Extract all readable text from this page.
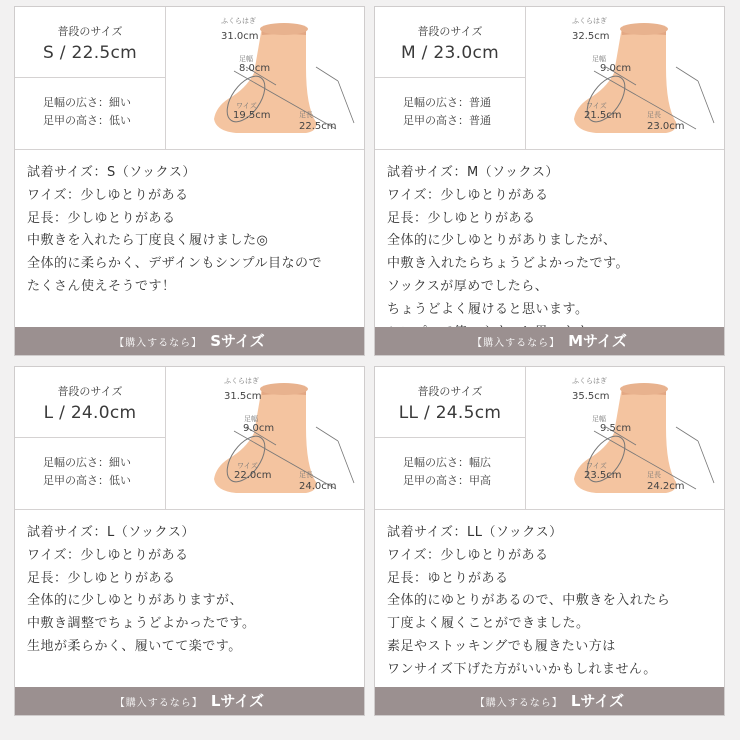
普段のサイズ
S / 22.5cm
足幅の広さ：細い
足甲の高さ：低い
ふくらはぎ
31.0cm
足幅
8.0cm
ワイズ
19.5cm	足長
22.5cm
試着サイズ：S（ソックス）
ワイズ：少しゆとりがある
足長：少しゆとりがある
中敷きを入れたら丁度良く履けました◎
全体的に柔らかく、デザインもシンプル目なので
たくさん使えそうです！
【購入するなら】 Sサイズ
普段のサイズ
M / 23.0cm
足幅の広さ：普通
足甲の高さ：普通
ふくらはぎ
32.5cm
足幅
9.0cm
ワイズ
21.5cm	足長
23.0cm
試着サイズ：M（ソックス）
ワイズ：少しゆとりがある
足長：少しゆとりがある
全体的に少しゆとりがありましたが、
中敷き入れたらちょうどよかったです。
ソックスが厚めでしたら、
ちょうどよく履けると思います。
【購入するなら】 Mサイズ
普段のサイズ
L / 24.0cm
足幅の広さ：細い
足甲の高さ：低い
ふくらはぎ
31.5cm
足幅
9.0cm
ワイズ
22.0cm	足長
24.0cm
試着サイズ：L（ソックス）
ワイズ：少しゆとりがある
足長：少しゆとりがある
全体的に少しゆとりがありますが、
中敷き調整でちょうどよかったです。
生地が柔らかく、履いてて楽です。
【購入するなら】 Lサイズ
普段のサイズ
LL / 24.5cm
足幅の広さ：幅広
足甲の高さ：甲高
ふくらはぎ
35.5cm
足幅
9.5cm
ワイズ
23.5cm	足長
24.2cm
試着サイズ：LL（ソックス）
ワイズ：少しゆとりがある
足長：ゆとりがある
全体的にゆとりがあるので、中敷きを入れたら
丁度よく履くことができました。
素足やストッキングでも履きたい方は
ワンサイズ下げた方がいいかもしれません。
【購入するなら】 Lサイズ
